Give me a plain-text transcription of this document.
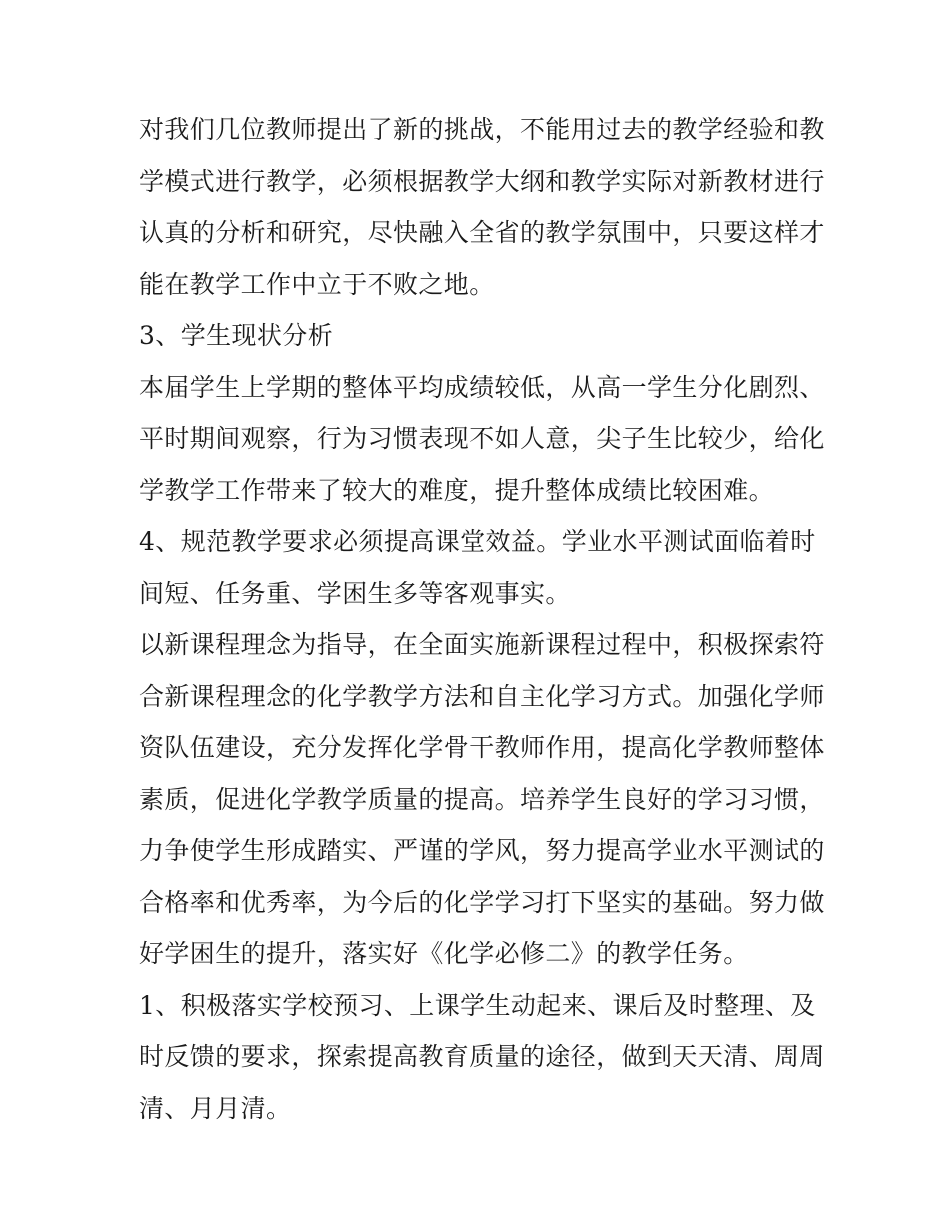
对我们几位教师提出了新的挑战，不能用过去的教学经验和教
学模式进行教学，必须根据教学大纲和教学实际对新教材进行
认真的分析和研究，尽快融入全省的教学氛围中，只要这样才
能在教学工作中立于不败之地。
3、学生现状分析
本届学生上学期的整体平均成绩较低，从高一学生分化剧烈、
平时期间观察，行为习惯表现不如人意，尖子生比较少，给化
学教学工作带来了较大的难度，提升整体成绩比较困难。
4、规范教学要求必须提高课堂效益。学业水平测试面临着时
间短、任务重、学困生多等客观事实。
以新课程理念为指导，在全面实施新课程过程中，积极探索符
合新课程理念的化学教学方法和自主化学习方式。加强化学师
资队伍建设，充分发挥化学骨干教师作用，提高化学教师整体
素质，促进化学教学质量的提高。培养学生良好的学习习惯，
力争使学生形成踏实、严谨的学风，努力提高学业水平测试的
合格率和优秀率，为今后的化学学习打下坚实的基础。努力做
好学困生的提升，落实好《化学必修二》的教学任务。
1、积极落实学校预习、上课学生动起来、课后及时整理、及
时反馈的要求，探索提高教育质量的途径，做到天天清、周周
清、月月清。
